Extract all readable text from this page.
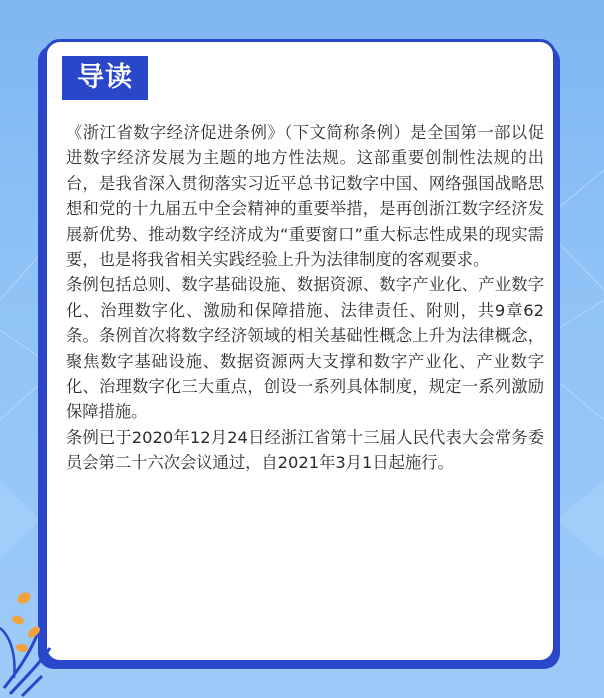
导读

《浙江省数字经济促进条例》（下文简称条例）是全国第一部以促进数字经济发展为主题的地方性法规。这部重要创制性法规的出台，是我省深入贯彻落实习近平总书记数字中国、网络强国战略思想和党的十九届五中全会精神的重要举措，是再创浙江数字经济发展新优势、推动数字经济成为“重要窗口”重大标志性成果的现实需要，也是将我省相关实践经验上升为法律制度的客观要求。

条例包括总则、数字基础设施、数据资源、数字产业化、产业数字化、治理数字化、激励和保障措施、法律责任、附则，共9章62条。条例首次将数字经济领域的相关基础性概念上升为法律概念，聚焦数字基础设施、数据资源两大支撑和数字产业化、产业数字化、治理数字化三大重点，创设一系列具体制度，规定一系列激励保障措施。

条例已于2020年12月24日经浙江省第十三届人民代表大会常务委员会第二十六次会议通过，自2021年3月1日起施行。
